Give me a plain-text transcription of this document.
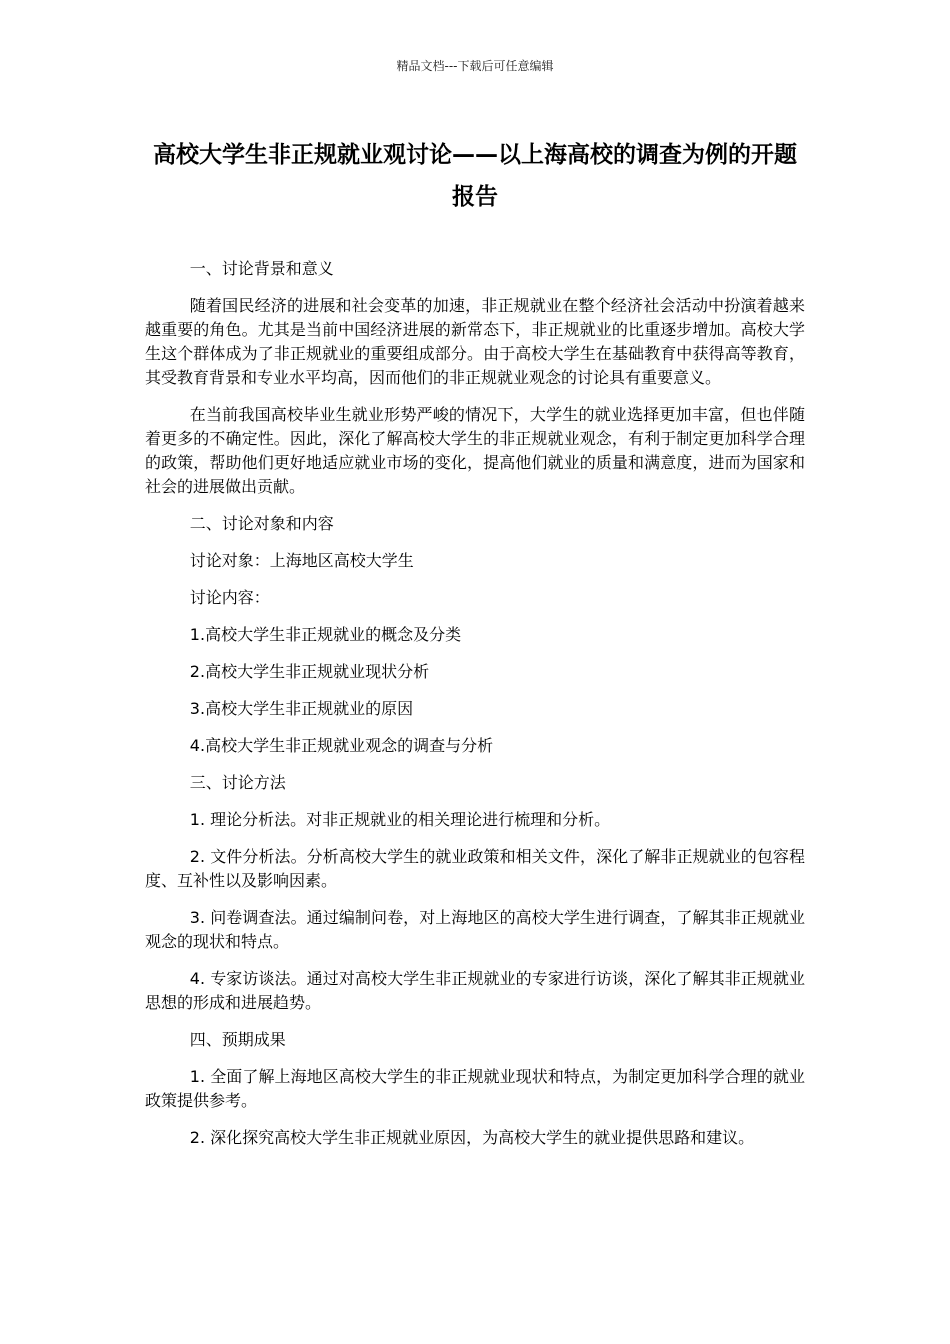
精品文档---下载后可任意编辑
高校大学生非正规就业观讨论——以上海高校的调查为例的开题报告

一、讨论背景和意义

随着国民经济的进展和社会变革的加速，非正规就业在整个经济社会活动中扮演着越来越重要的角色。尤其是当前中国经济进展的新常态下，非正规就业的比重逐步增加。高校大学生这个群体成为了非正规就业的重要组成部分。由于高校大学生在基础教育中获得高等教育，其受教育背景和专业水平均高，因而他们的非正规就业观念的讨论具有重要意义。

在当前我国高校毕业生就业形势严峻的情况下，大学生的就业选择更加丰富，但也伴随着更多的不确定性。因此，深化了解高校大学生的非正规就业观念，有利于制定更加科学合理的政策，帮助他们更好地适应就业市场的变化，提高他们就业的质量和满意度，进而为国家和社会的进展做出贡献。

二、讨论对象和内容

讨论对象：上海地区高校大学生

讨论内容：

1.高校大学生非正规就业的概念及分类

2.高校大学生非正规就业现状分析

3.高校大学生非正规就业的原因

4.高校大学生非正规就业观念的调查与分析

三、讨论方法

1. 理论分析法。对非正规就业的相关理论进行梳理和分析。

2. 文件分析法。分析高校大学生的就业政策和相关文件，深化了解非正规就业的包容程度、互补性以及影响因素。

3. 问卷调查法。通过编制问卷，对上海地区的高校大学生进行调查，了解其非正规就业观念的现状和特点。

4. 专家访谈法。通过对高校大学生非正规就业的专家进行访谈，深化了解其非正规就业思想的形成和进展趋势。

四、预期成果

1. 全面了解上海地区高校大学生的非正规就业现状和特点，为制定更加科学合理的就业政策提供参考。

2. 深化探究高校大学生非正规就业原因，为高校大学生的就业提供思路和建议。
